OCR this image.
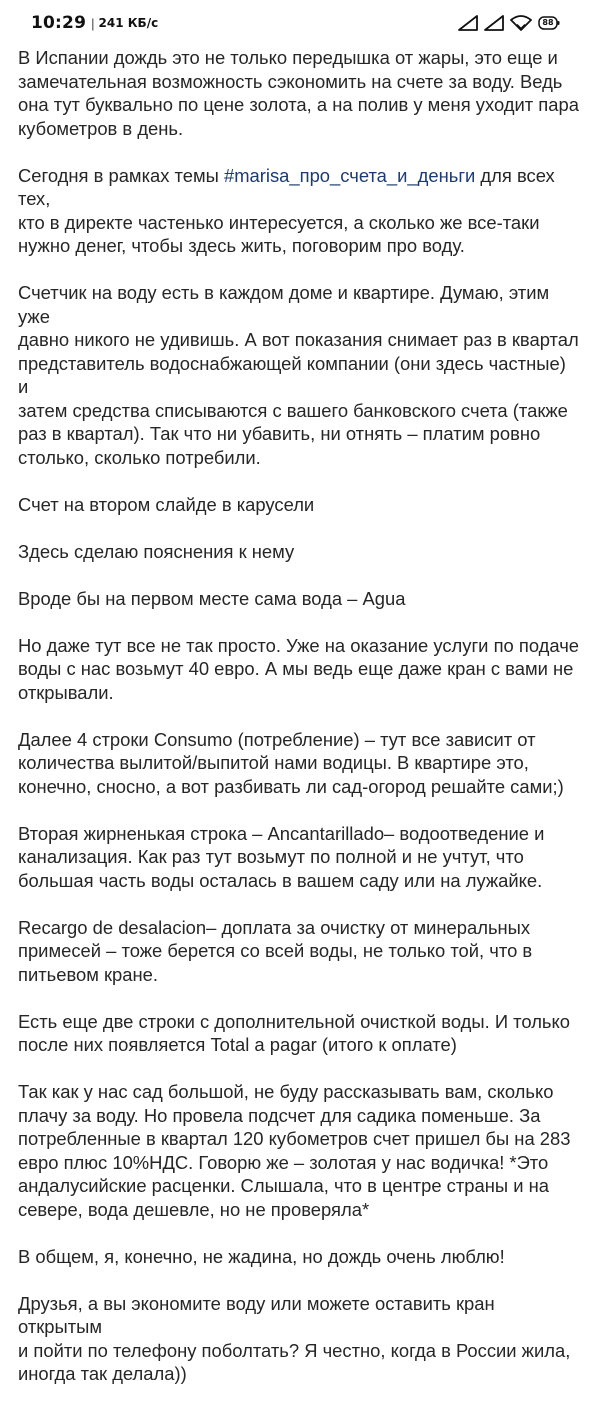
10:29 | 241 КБ/с	88

В Испании дождь это не только передышка от жары, это еще и
замечательная возможность сэкономить на счете за воду. Ведь
она тут буквально по цене золота, а на полив у меня уходит пара
кубометров в день.

Сегодня в рамках темы #marisa_про_счета_и_деньги для всех тех,
кто в директе частенько интересуется, а сколько же все-таки
нужно денег, чтобы здесь жить, поговорим про воду.

Счетчик на воду есть в каждом доме и квартире. Думаю, этим уже
давно никого не удивишь. А вот показания снимает раз в квартал
представитель водоснабжающей компании (они здесь частные) и
затем средства списываются с вашего банковского счета (также
раз в квартал). Так что ни убавить, ни отнять – платим ровно
столько, сколько потребили.

Счет на втором слайде в карусели

Здесь сделаю пояснения к нему

Вроде бы на первом месте сама вода – Agua

Но даже тут все не так просто. Уже на оказание услуги по подаче
воды с нас возьмут 40 евро. А мы ведь еще даже кран с вами не
открывали.

Далее 4 строки Consumo (потребление) – тут все зависит от
количества вылитой/выпитой нами водицы. В квартире это,
конечно, сносно, а вот разбивать ли сад-огород решайте сами;)

Вторая жирненькая строка – Ancantarillado– водоотведение и
канализация. Как раз тут возьмут по полной и не учтут, что
большая часть воды осталась в вашем саду или на лужайке.

Recargo de desalacion– доплата за очистку от минеральных
примесей – тоже берется со всей воды, не только той, что в
питьевом кране.

Есть еще две строки с дополнительной очисткой воды. И только
после них появляется Total a pagar (итого к оплате)

Так как у нас сад большой, не буду рассказывать вам, сколько
плачу за воду. Но провела подсчет для садика поменьше. За
потребленные в квартал 120 кубометров счет пришел бы на 283
евро плюс 10%НДС. Говорю же – золотая у нас водичка! *Это
андалусийские расценки. Слышала, что в центре страны и на
севере, вода дешевле, но не проверяла*

В общем, я, конечно, не жадина, но дождь очень люблю!

Друзья, а вы экономите воду или можете оставить кран открытым
и пойти по телефону поболтать? Я честно, когда в России жила,
иногда так делала))
